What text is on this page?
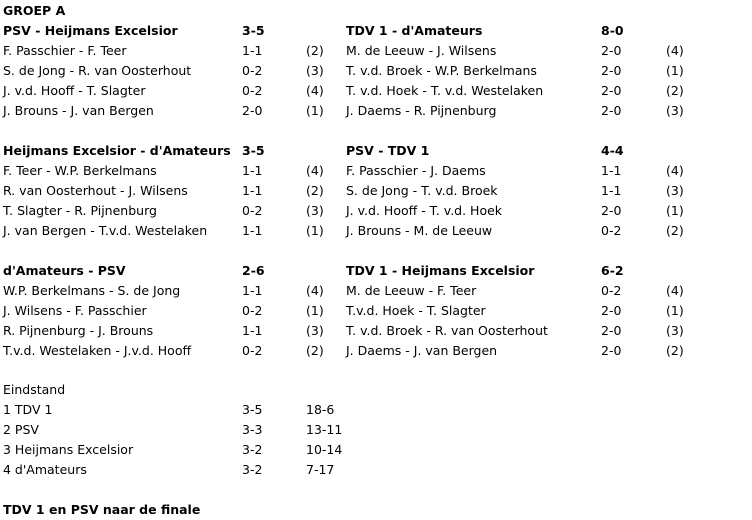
GROEP A
PSV - Heijmans Excelsior	3-5
F. Passchier - F. Teer	1-1	(2)
S. de Jong - R. van Oosterhout	0-2	(3)
J. v.d. Hooff - T. Slagter	0-2	(4)
J. Brouns - J. van Bergen	2-0	(1)
TDV 1 - d'Amateurs	8-0
M. de Leeuw - J. Wilsens	2-0	(4)
T. v.d. Broek - W.P. Berkelmans	2-0	(1)
T. v.d. Hoek - T. v.d. Westelaken	2-0	(2)
J. Daems - R. Pijnenburg	2-0	(3)
Heijmans Excelsior - d'Amateurs 3-5
F. Teer - W.P. Berkelmans	1-1	(4)
R. van Oosterhout - J. Wilsens	1-1	(2)
T. Slagter - R. Pijnenburg	0-2	(3)
J. van Bergen - T.v.d. Westelaken	1-1	(1)
PSV - TDV 1	4-4
F. Passchier - J. Daems	1-1	(4)
S. de Jong - T. v.d. Broek	1-1	(3)
J. v.d. Hooff - T. v.d. Hoek	2-0	(1)
J. Brouns - M. de Leeuw	0-2	(2)
d'Amateurs - PSV	2-6
W.P. Berkelmans - S. de Jong	1-1	(4)
J. Wilsens - F. Passchier	0-2	(1)
R. Pijnenburg - J. Brouns	1-1	(3)
T.v.d. Westelaken - J.v.d. Hooff	0-2	(2)
TDV 1 - Heijmans Excelsior	6-2
M. de Leeuw - F. Teer	0-2	(4)
T.v.d. Hoek - T. Slagter	2-0	(1)
T. v.d. Broek - R. van Oosterhout	2-0	(3)
J. Daems - J. van Bergen	2-0	(2)
Eindstand
1 TDV 1	3-5	18-6
2 PSV	3-3	13-11
3 Heijmans Excelsior	3-2	10-14
4 d'Amateurs	3-2	7-17
TDV 1 en PSV naar de finale
